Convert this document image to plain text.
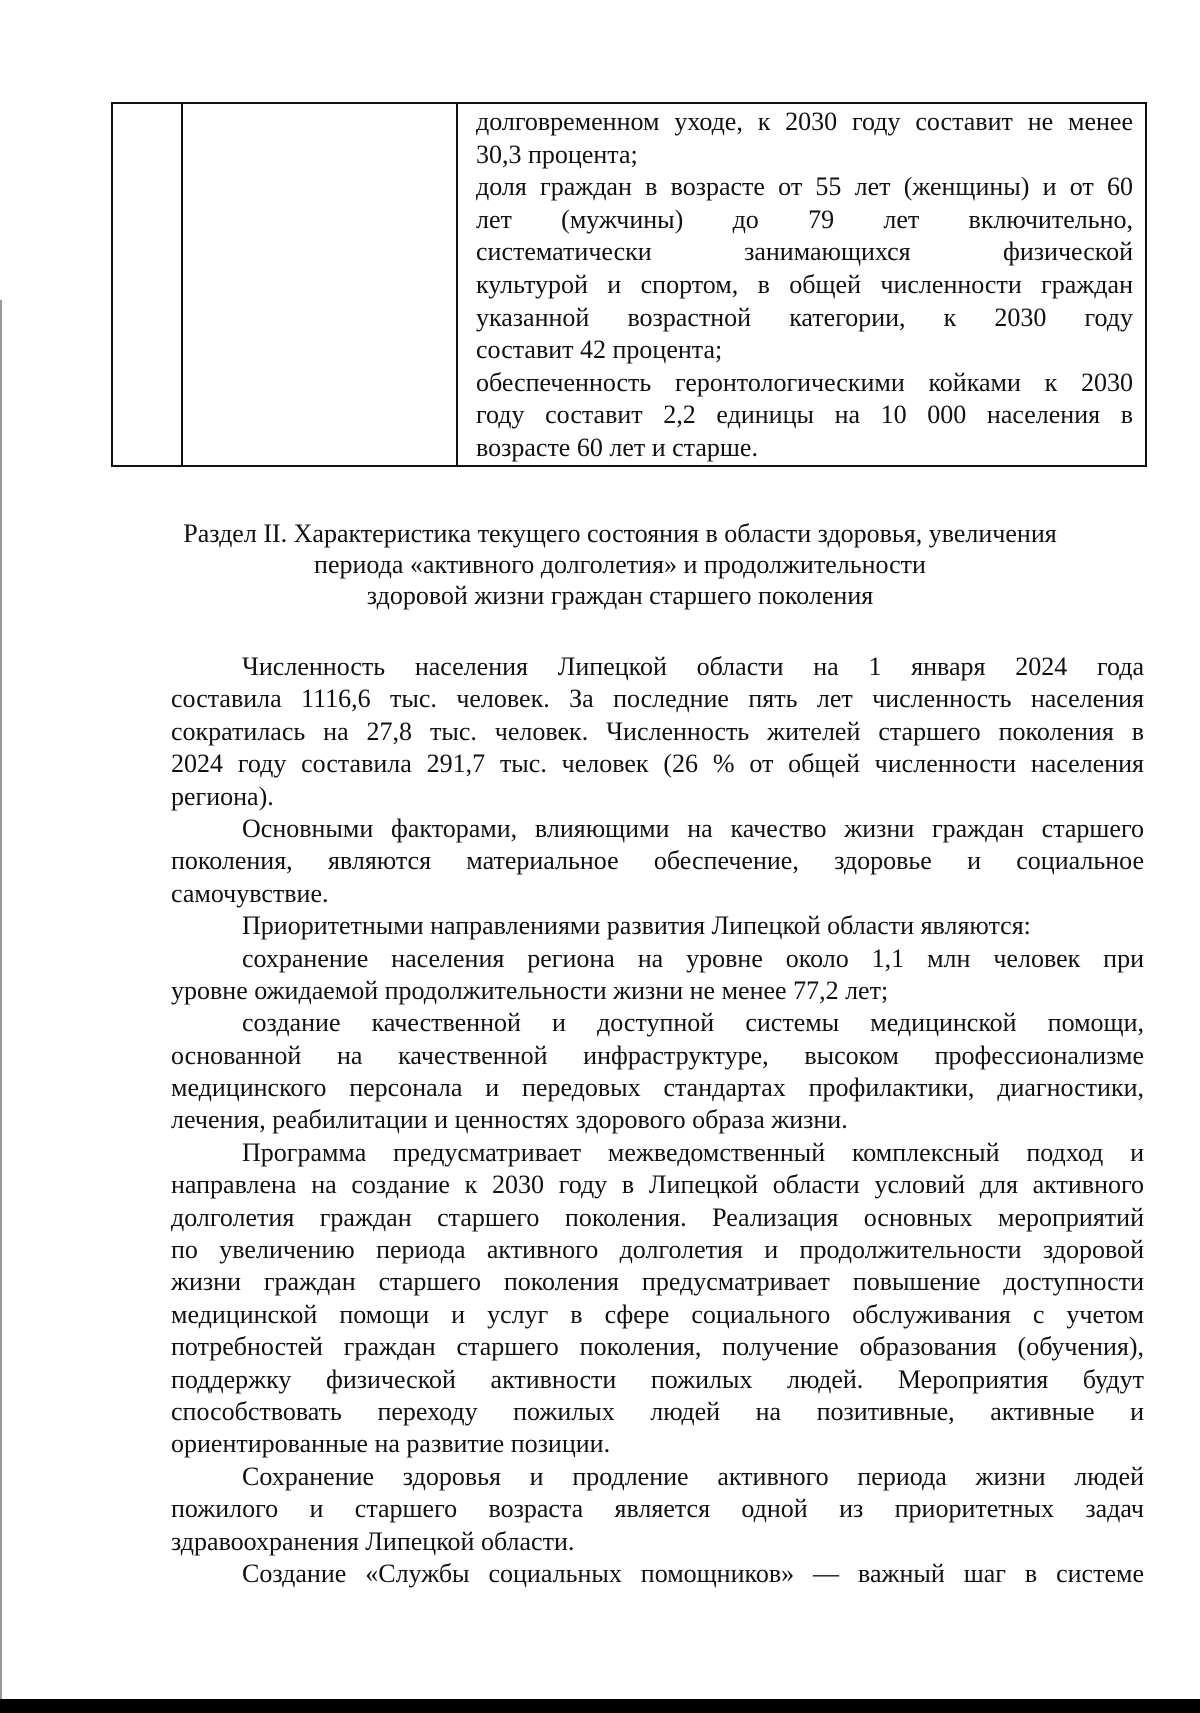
долговременном уходе, к 2030 году составит не менее
30,3 процента;
доля граждан в возрасте от 55 лет (женщины) и от 60
лет (мужчины) до 79 лет включительно,
систематически занимающихся физической
культурой и спортом, в общей численности граждан
указанной возрастной категории, к 2030 году
составит 42 процента;
обеспеченность геронтологическими койками к 2030
году составит 2,2 единицы на 10 000 населения в
возрасте 60 лет и старше.
Раздел II. Характеристика текущего состояния в области здоровья, увеличения
периода «активного долголетия» и продолжительности
здоровой жизни граждан старшего поколения
Численность населения Липецкой области на 1 января 2024 года
составила 1116,6 тыс. человек. За последние пять лет численность населения
сократилась на 27,8 тыс. человек. Численность жителей старшего поколения в
2024 году составила 291,7 тыс. человек (26 % от общей численности населения
региона).
Основными факторами, влияющими на качество жизни граждан старшего
поколения, являются материальное обеспечение, здоровье и социальное
самочувствие.
Приоритетными направлениями развития Липецкой области являются:
сохранение населения региона на уровне около 1,1 млн человек при
уровне ожидаемой продолжительности жизни не менее 77,2 лет;
создание качественной и доступной системы медицинской помощи,
основанной на качественной инфраструктуре, высоком профессионализме
медицинского персонала и передовых стандартах профилактики, диагностики,
лечения, реабилитации и ценностях здорового образа жизни.
Программа предусматривает межведомственный комплексный подход и
направлена на создание к 2030 году в Липецкой области условий для активного
долголетия граждан старшего поколения. Реализация основных мероприятий
по увеличению периода активного долголетия и продолжительности здоровой
жизни граждан старшего поколения предусматривает повышение доступности
медицинской помощи и услуг в сфере социального обслуживания с учетом
потребностей граждан старшего поколения, получение образования (обучения),
поддержку физической активности пожилых людей. Мероприятия будут
способствовать переходу пожилых людей на позитивные, активные и
ориентированные на развитие позиции.
Сохранение здоровья и продление активного периода жизни людей
пожилого и старшего возраста является одной из приоритетных задач
здравоохранения Липецкой области.
Создание «Службы социальных помощников» — важный шаг в системе
